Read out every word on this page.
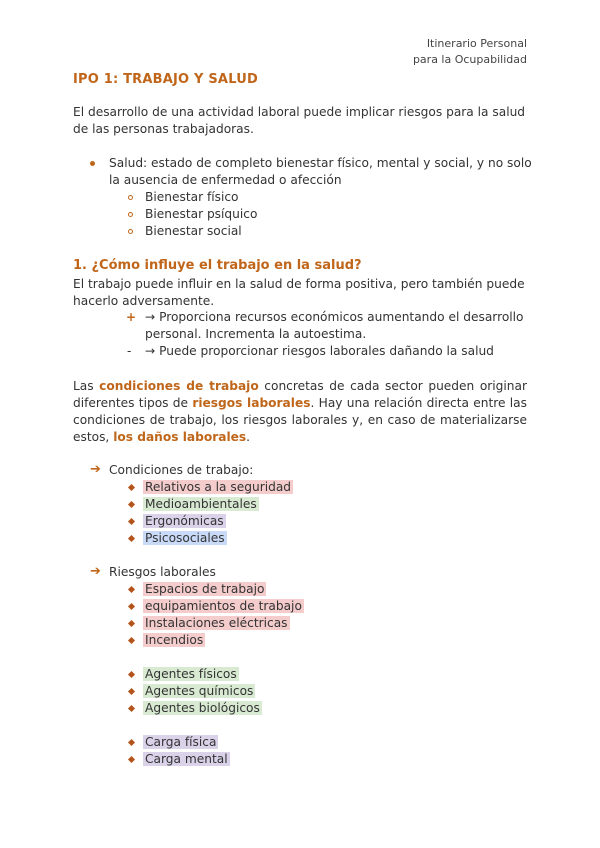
Itinerario Personal
para la Ocupabilidad
IPO 1: TRABAJO Y SALUD
El desarrollo de una actividad laboral puede implicar riesgos para la salud de las personas trabajadoras.
Salud: estado de completo bienestar físico, mental y social, y no solo
la ausencia de enfermedad o afección
Bienestar físico
Bienestar psíquico
Bienestar social
1. ¿Cómo influye el trabajo en la salud?
El trabajo puede influir en la salud de forma positiva, pero también puede hacerlo adversamente.
+ → Proporciona recursos económicos aumentando el desarrollo
personal. Incrementa la autoestima.
- → Puede proporcionar riesgos laborales dañando la salud
Las condiciones de trabajo concretas de cada sector pueden originar diferentes tipos de riesgos laborales. Hay una relación directa entre las condiciones de trabajo, los riesgos laborales y, en caso de materializarse estos, los daños laborales.
➔ Condiciones de trabajo:
Relativos a la seguridad
Medioambientales
Ergonómicas
Psicosociales
➔ Riesgos laborales
Espacios de trabajo
equipamientos de trabajo
Instalaciones eléctricas
Incendios
Agentes físicos
Agentes químicos
Agentes biológicos
Carga física
Carga mental
